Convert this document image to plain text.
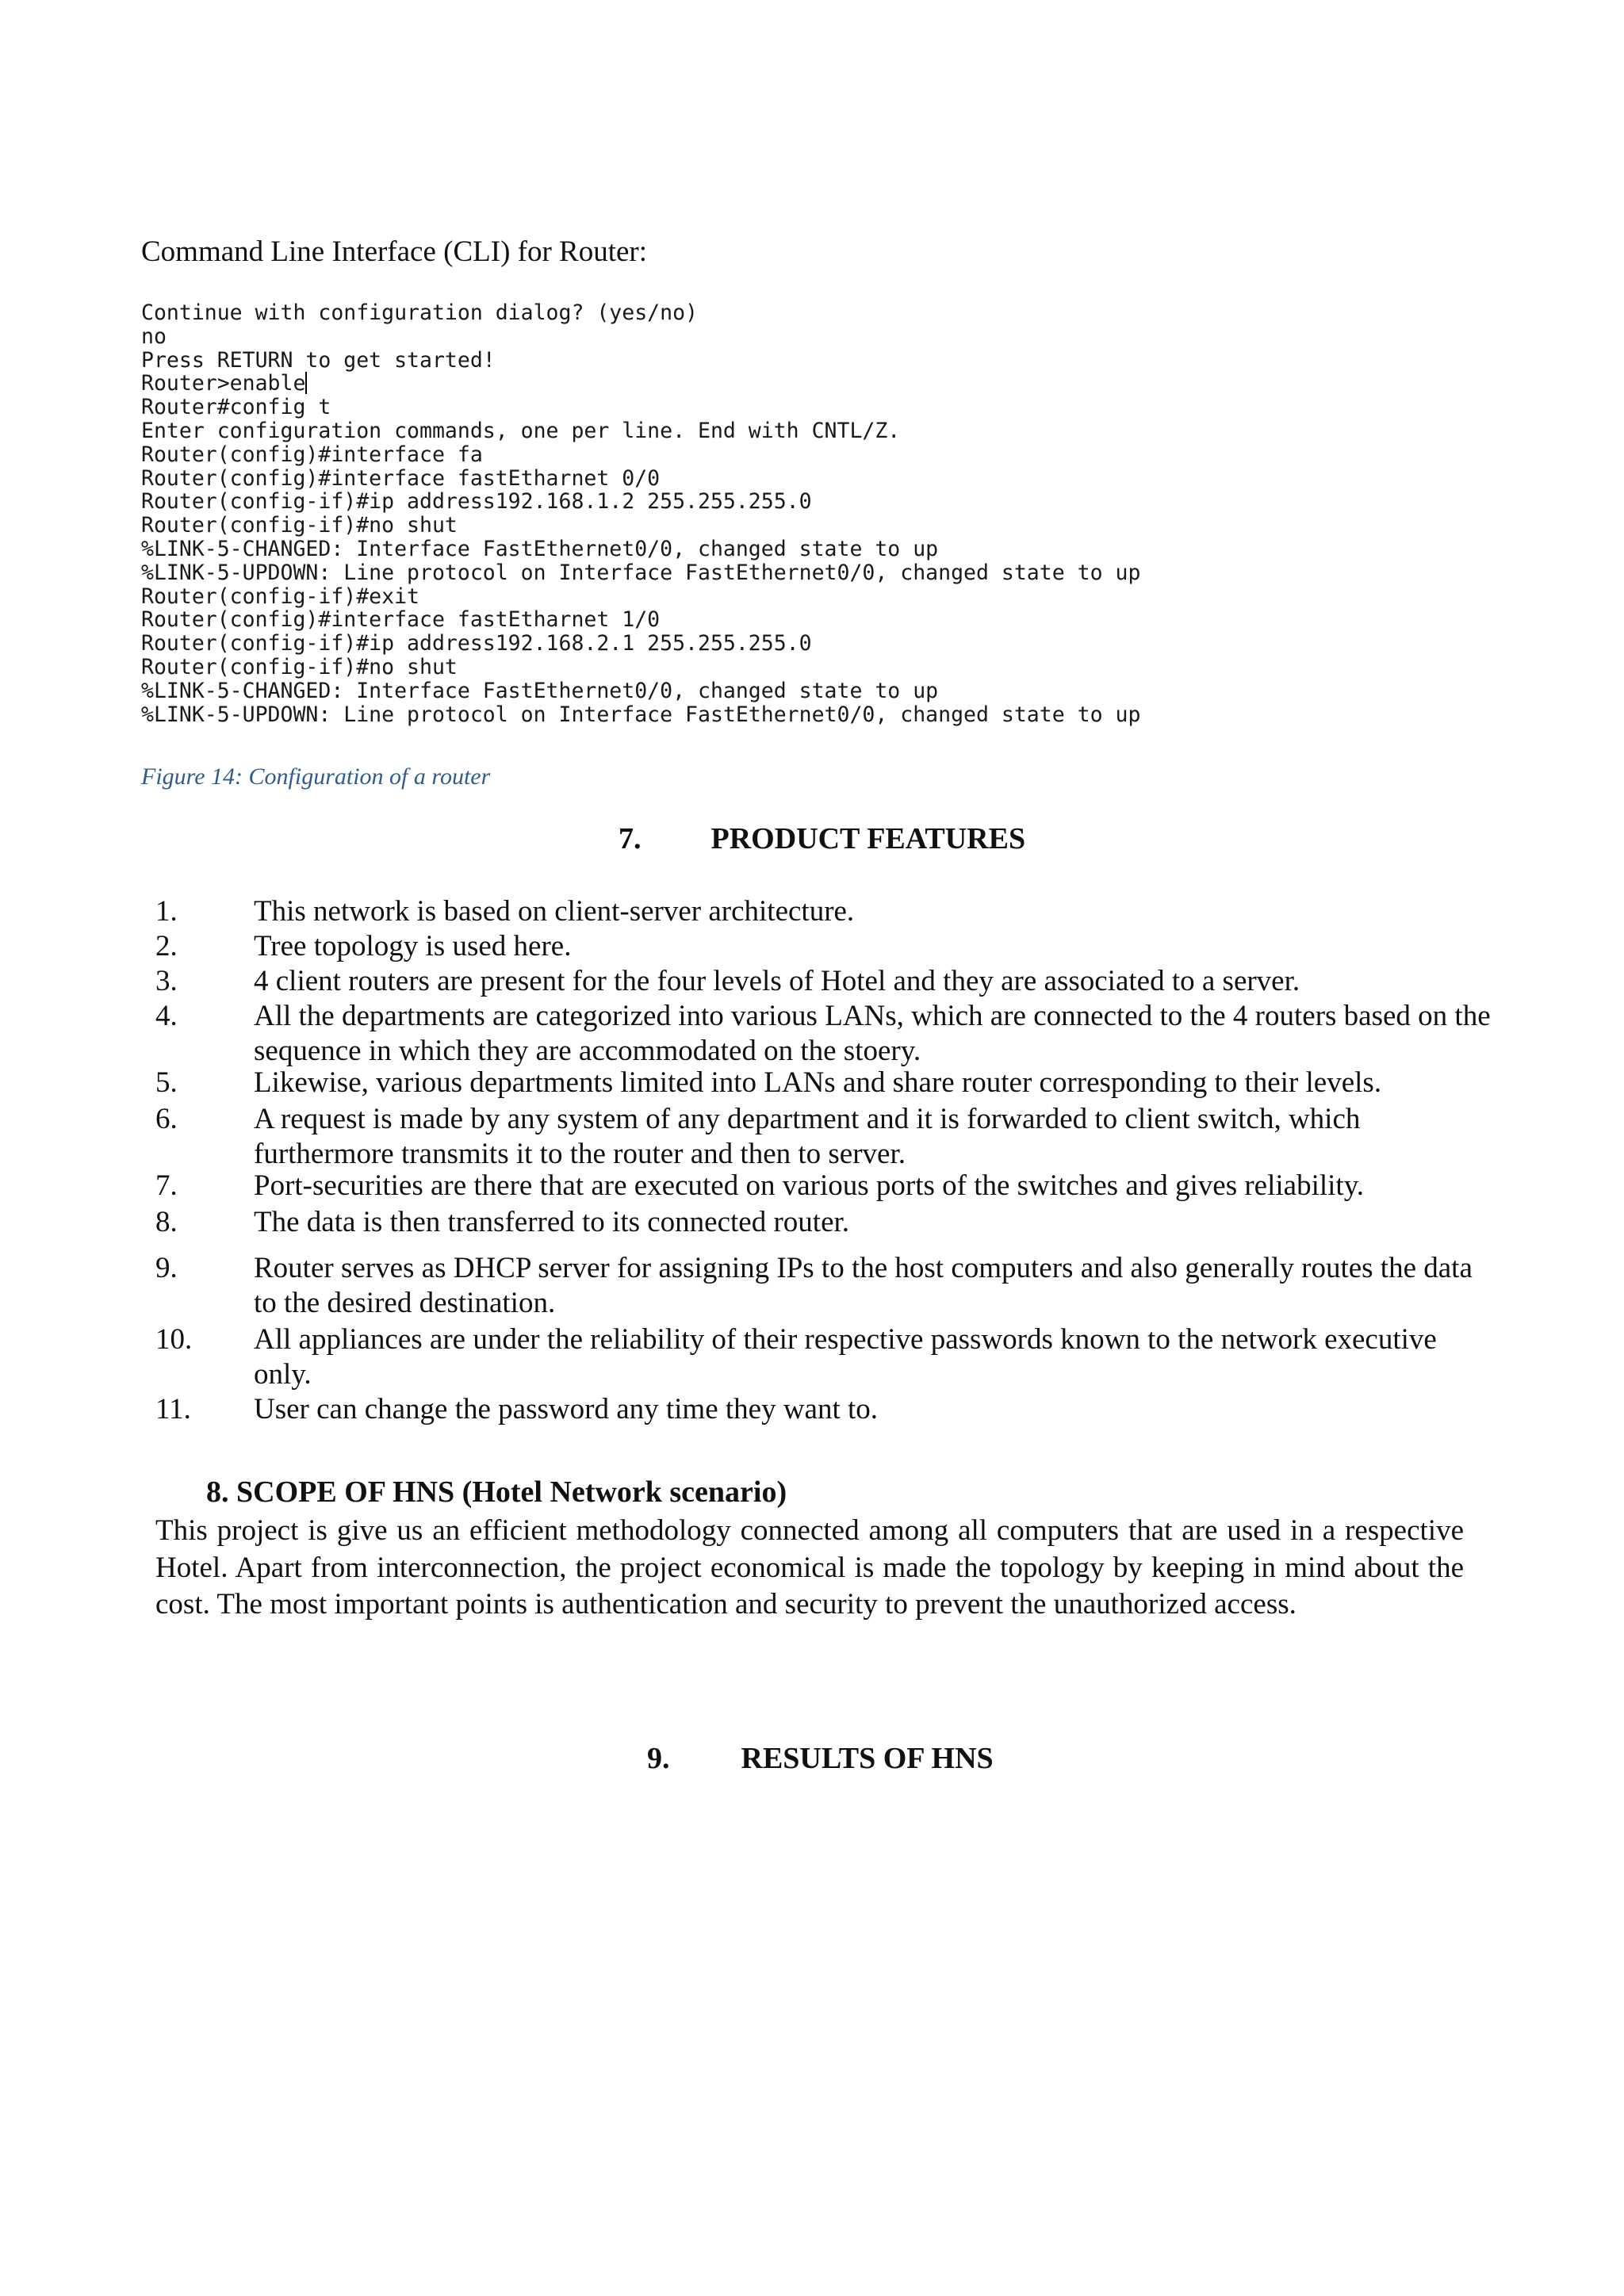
Command Line Interface (CLI) for Router:
Continue with configuration dialog? (yes/no)
no
Press RETURN to get started!
Router>enable
Router#config t
Enter configuration commands, one per line. End with CNTL/Z.
Router(config)#interface fa
Router(config)#interface fastEtharnet 0/0
Router(config-if)#ip address192.168.1.2 255.255.255.0
Router(config-if)#no shut
%LINK-5-CHANGED: Interface FastEthernet0/0, changed state to up
%LINK-5-UPDOWN: Line protocol on Interface FastEthernet0/0, changed state to up
Router(config-if)#exit
Router(config)#interface fastEtharnet 1/0
Router(config-if)#ip address192.168.2.1 255.255.255.0
Router(config-if)#no shut
%LINK-5-CHANGED: Interface FastEthernet0/0, changed state to up
%LINK-5-UPDOWN: Line protocol on Interface FastEthernet0/0, changed state to up
Figure 14: Configuration of a router
7. PRODUCT FEATURES
1.	This network is based on client-server architecture.
2.	Tree topology is used here.
3.	4 client routers are present for the four levels of Hotel and they are associated to a server.
4.	All the departments are categorized into various LANs, which are connected to the 4 routers based on the sequence in which they are accommodated on the stoery.
5.	Likewise, various departments limited into LANs and share router corresponding to their levels.
6.	A request is made by any system of any department and it is forwarded to client switch, which furthermore transmits it to the router and then to server.
7.	Port-securities are there that are executed on various ports of the switches and gives reliability.
8.	The data is then transferred to its connected router.
9.	Router serves as DHCP server for assigning IPs to the host computers and also generally routes the data to the desired destination.
10. All appliances are under the reliability of their respective passwords known to the network executive only.
11. User can change the password any time they want to.
8. SCOPE OF HNS (Hotel Network scenario)
This project is give us an efficient methodology connected among all computers that are used in a respective Hotel. Apart from interconnection, the project economical is made the topology by keeping in mind about the cost. The most important points is authentication and security to prevent the unauthorized access.
9. RESULTS OF HNS
